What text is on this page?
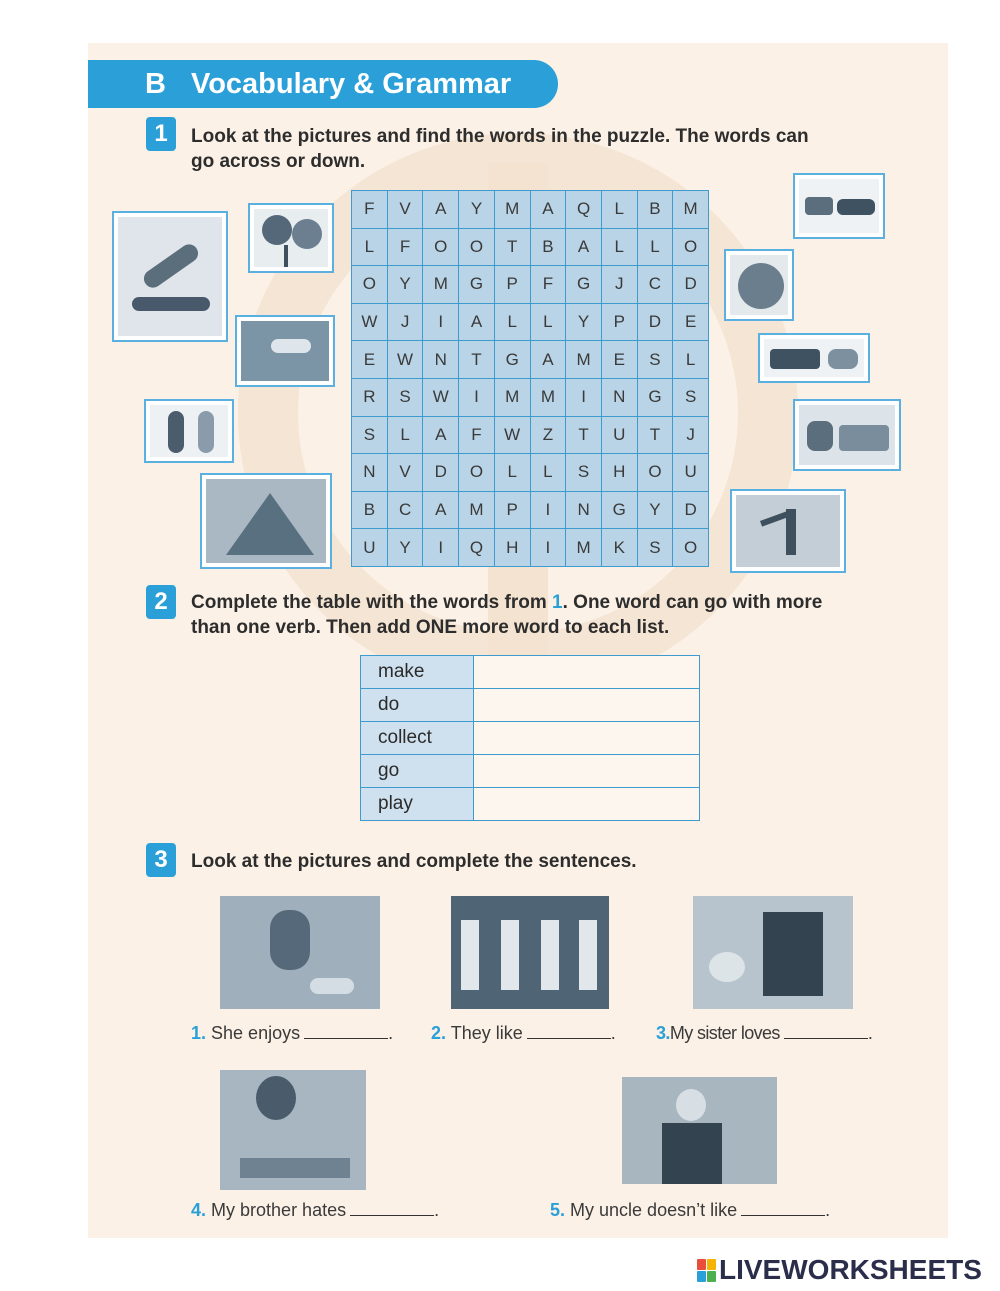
B Vocabulary & Grammar
1	Look at the pictures and find the words in the puzzle. The words can
go across or down.
F	V	A	Y	M	A	Q	L	B	M
L	F	O	O	T	B	A	L	L	O
O	Y	M	G	P	F	G	J	C	D
W	J	I	A	L	L	Y	P	D	E
E	W	N	T	G	A	M	E	S	L
R	S	W	I	M	M	I	N	G	S
S	L	A	F	W	Z	T	U	T	J
N	V	D	O	L	L	S	H	O	U
B	C	A	M	P	I	N	G	Y	D
U	Y	I	Q	H	I	M	K	S	O
2	Complete the table with the words from 1. One word can go with more
than one verb. Then add ONE more word to each list.
make	
do	
collect	
go	
play	
3	Look at the pictures and complete the sentences.
1. She enjoys	. 2. They like	. 3.My sister loves	.
4. My brother hates	.	5. My uncle doesn’t like	.
LIVEWORKSHEETS
